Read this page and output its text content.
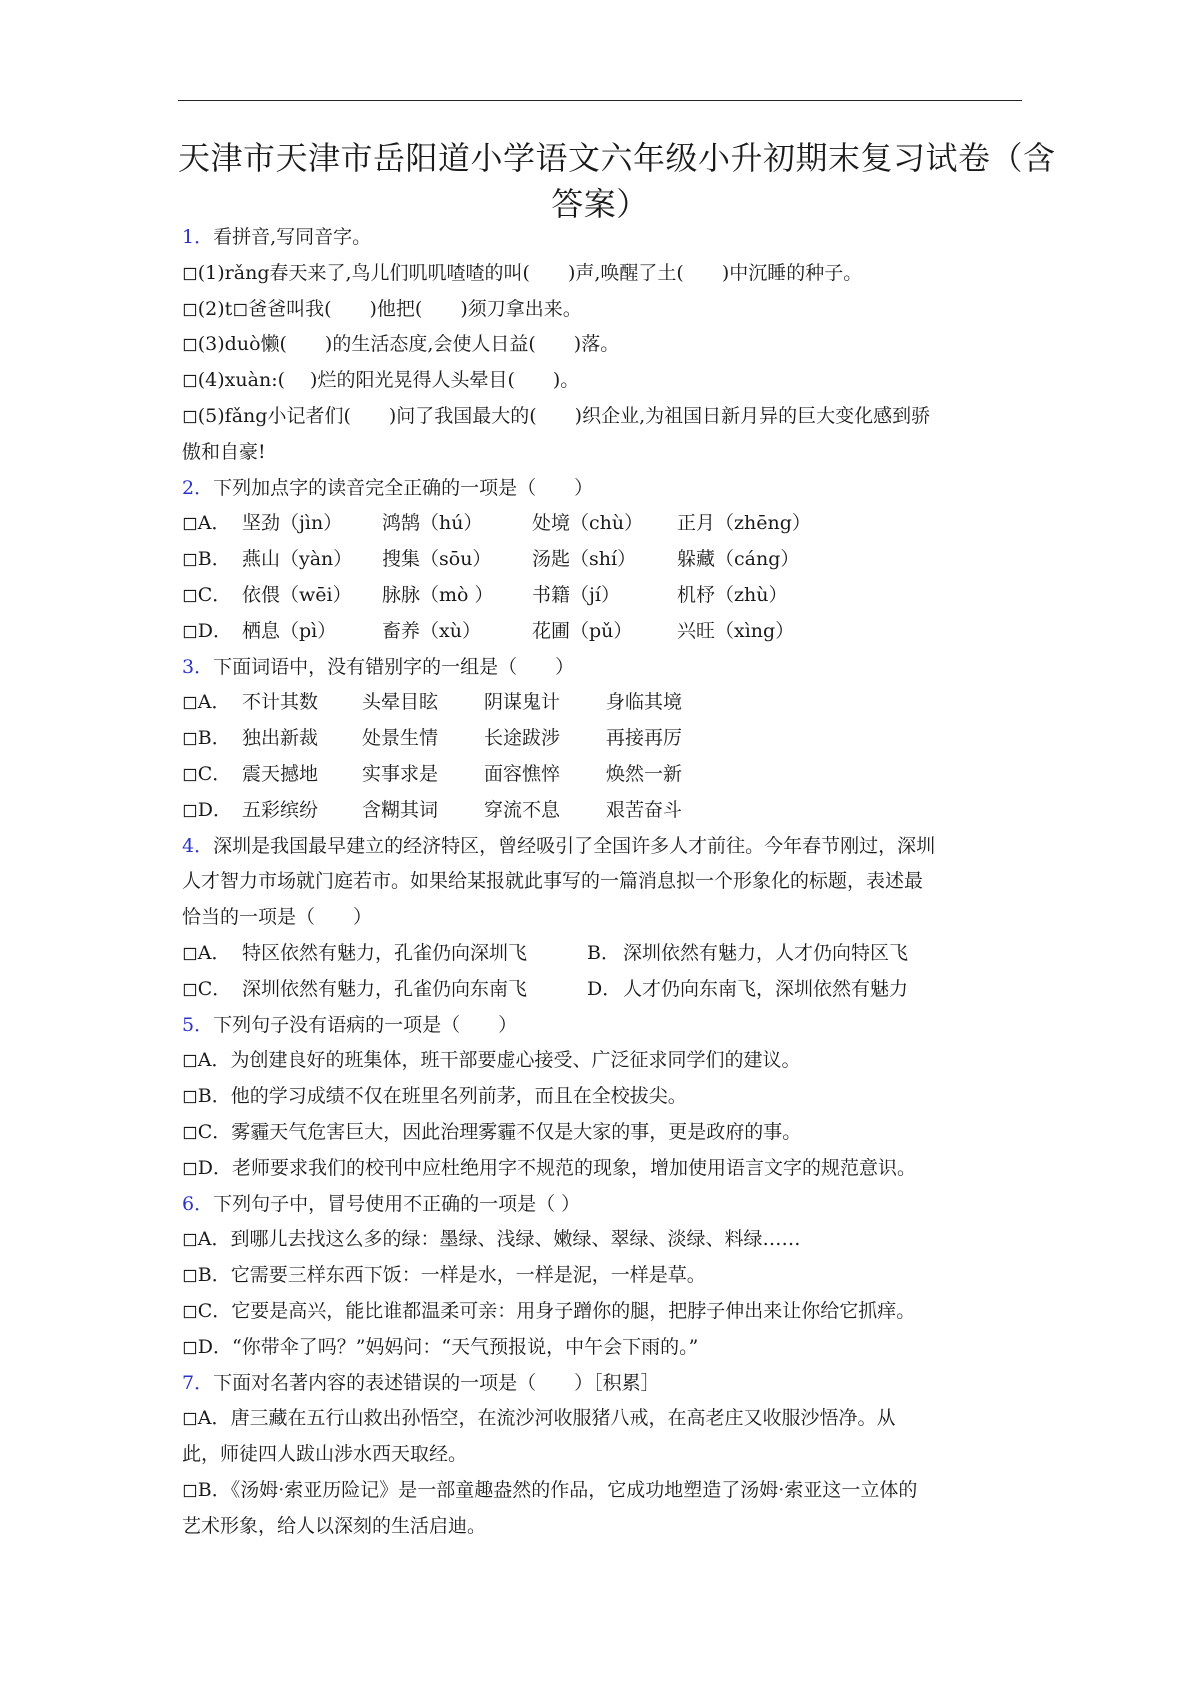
天津市天津市岳阳道小学语文六年级小升初期末复习试卷（含
答案）
1．看拼音,写同音字。
◻(1)rǎng春天来了,鸟儿们叽叽喳喳的叫(　　)声,唤醒了土(　　)中沉睡的种子。
◻(2)t◻爸爸叫我(　　)他把(　　)须刀拿出来。
◻(3)duò懒(　　)的生活态度,会使人日益(　　)落。
◻(4)xuàn:(　 )烂的阳光晃得人头晕目(　　)。
◻(5)fǎng小记者们(　　)问了我国最大的(　　)织企业,为祖国日新月异的巨大变化感到骄
傲和自豪!
2．下列加点字的读音完全正确的一项是（　　）
◻A． 坚劲（jìn） 鸿鹄（hú）	处境（chù） 正月（zhēng）
◻B． 燕山（yàn） 搜集（sōu） 汤匙（shí） 躲藏（cáng）
◻C． 依偎（wēi） 脉脉（mò ） 书籍（jí）	机杼（zhù）
◻D． 栖息（pì） 畜养（xù）	花圃（pǔ） 兴旺（xìng）
3．下面词语中，没有错别字的一组是（　　）
◻A． 不计其数 头晕目眩 阴谋鬼计 身临其境
◻B． 独出新裁 处景生情 长途跋涉 再接再厉
◻C． 震天撼地 实事求是 面容憔悴 焕然一新
◻D． 五彩缤纷 含糊其词 穿流不息 艰苦奋斗
4．深圳是我国最早建立的经济特区，曾经吸引了全国许多人才前往。今年春节刚过，深圳
人才智力市场就门庭若市。如果给某报就此事写的一篇消息拟一个形象化的标题，表述最
恰当的一项是（　　）
◻A． 特区依然有魅力，孔雀仍向深圳飞	B． 深圳依然有魅力，人才仍向特区飞
◻C． 深圳依然有魅力，孔雀仍向东南飞	D．人才仍向东南飞，深圳依然有魅力
5．下列句子没有语病的一项是（　　）
◻A．为创建良好的班集体，班干部要虚心接受、广泛征求同学们的建议。
◻B．他的学习成绩不仅在班里名列前茅，而且在全校拔尖。
◻C．雾霾天气危害巨大，因此治理雾霾不仅是大家的事，更是政府的事。
◻D．老师要求我们的校刊中应杜绝用字不规范的现象，增加使用语言文字的规范意识。
6．下列句子中，冒号使用不正确的一项是（ ）
◻A．到哪儿去找这么多的绿：墨绿、浅绿、嫩绿、翠绿、淡绿、料绿……
◻B．它需要三样东西下饭：一样是水，一样是泥，一样是草。
◻C．它要是高兴，能比谁都温柔可亲：用身子蹭你的腿，把脖子伸出来让你给它抓痒。
◻D．“你带伞了吗？”妈妈问：“天气预报说，中午会下雨的。”
7．下面对名著内容的表述错误的一项是（　　）［积累］
◻A．唐三藏在五行山救出孙悟空，在流沙河收服猪八戒，在高老庄又收服沙悟净。从
此，师徒四人跋山涉水西天取经。
◻B．《汤姆·索亚历险记》是一部童趣盎然的作品，它成功地塑造了汤姆·索亚这一立体的
艺术形象，给人以深刻的生活启迪。
